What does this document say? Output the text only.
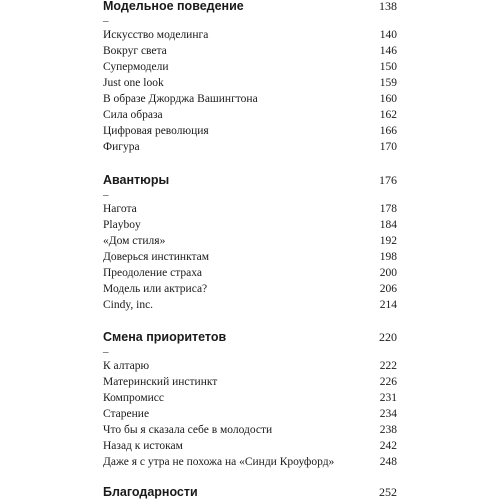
Модельное поведение	138
–
Искусство моделинга	140
Вокруг света	146
Супермодели	150
Just one look	159
В образе Джорджа Вашингтона	160
Сила образа	162
Цифровая революция	166
Фигура	170
Авантюры	176
–
Нагота	178
Playboy	184
«Дом стиля»	192
Доверься инстинктам	198
Преодоление страха	200
Модель или актриса?	206
Cindy, inc.	214
Смена приоритетов	220
–
К алтарю	222
Материнский инстинкт	226
Компромисс	231
Старение	234
Что бы я сказала себе в молодости	238
Назад к истокам	242
Даже я с утра не похожа на «Синди Кроуфорд»	248
Благодарности	252
